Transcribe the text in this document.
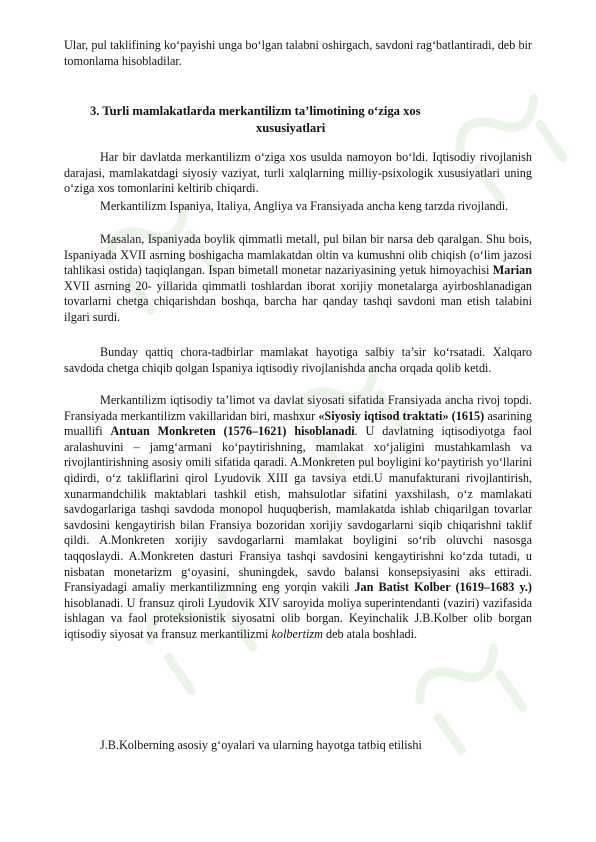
Ular, pul taklifining ko‘payishi unga bo‘lgan talabni oshirgach, savdoni rag‘batlantiradi, deb bir tomonlama hisobladilar.

3. Turli mamlakatlarda merkantilizm ta’limotining o‘ziga xos

xususiyatlari

Har bir davlatda merkantilizm o‘ziga xos usulda namoyon bo‘ldi. Iqtisodiy rivojlanish darajasi, mamlakatdagi siyosiy vaziyat, turli xalqlarning milliy-psixologik xususiyatlari uning o‘ziga xos tomonlarini keltirib chiqardi.

Merkantilizm Ispaniya, Italiya, Angliya va Fransiyada ancha keng tarzda rivojlandi.

Masalan, Ispaniyada boylik qimmatli metall, pul bilan bir narsa deb qaralgan. Shu bois, Ispaniyada XVII asrning boshigacha mamlakatdan oltin va kumushni olib chiqish (o‘lim jazosi tahlikasi ostida) taqiqlangan. Ispan bimetall monetar nazariyasining yetuk himoyachisi Marian XVII asrning 20- yillarida qimmatli toshlardan iborat xorijiy monetalarga ayirboshlanadigan tovarlarni chetga chiqarishdan boshqa, barcha har qanday tashqi savdoni man etish talabini ilgari surdi.

Bunday qattiq chora-tadbirlar mamlakat hayotiga salbiy ta’sir ko‘rsatadi. Xalqaro savdoda chetga chiqib qolgan Ispaniya iqtisodiy rivojlanishda ancha orqada qolib ketdi.

Merkantilizm iqtisodiy ta’limot va davlat siyosati sifatida Fransiyada ancha rivoj topdi. Fransiyada merkantilizm vakillaridan biri, mashxur «Siyosiy iqtisod traktati» (1615) asarining muallifi Antuan Monkreten (1576–1621) hisoblanadi. U davlatning iqtisodiyotga faol aralashuvini – jamg‘armani ko‘paytirishning, mamlakat xo‘jaligini mustahkamlash va rivojlantirishning asosiy omili sifatida qaradi. A.Monkreten pul boyligini ko‘paytirish yo‘llarini qidirdi, o‘z takliflarini qirol Lyudovik XIII ga tavsiya etdi.U manufakturani rivojlantirish, xunarmandchilik maktablari tashkil etish, mahsulotlar sifatini yaxshilash, o‘z mamlakati savdogarlariga tashqi savdoda monopol huquqberish, mamlakatda ishlab chiqarilgan tovarlar savdosini kengaytirish bilan Fransiya bozoridan xorijiy savdogarlarni siqib chiqarishni taklif qildi. A.Monkreten xorijiy savdogarlarni mamlakat boyligini so‘rib oluvchi nasosga taqqoslaydi. A.Monkreten dasturi Fransiya tashqi savdosini kengaytirishni ko‘zda tutadi, u nisbatan monetarizm g‘oyasini, shuningdek, savdo balansi konsepsiyasini aks ettiradi. Fransiyadagi amaliy merkantilizmning eng yorqin vakili Jan Batist Kolber (1619–1683 y.) hisoblanadi. U fransuz qiroli Lyudovik XIV saroyida moliya superintendanti (vaziri) vazifasida ishlagan va faol proteksionistik siyosatni olib borgan. Keyinchalik J.B.Kolber olib borgan iqtisodiy siyosat va fransuz merkantilizmi kolbertizm deb atala boshladi.

J.B.Kolberning asosiy g‘oyalari va ularning hayotga tatbiq etilishi
